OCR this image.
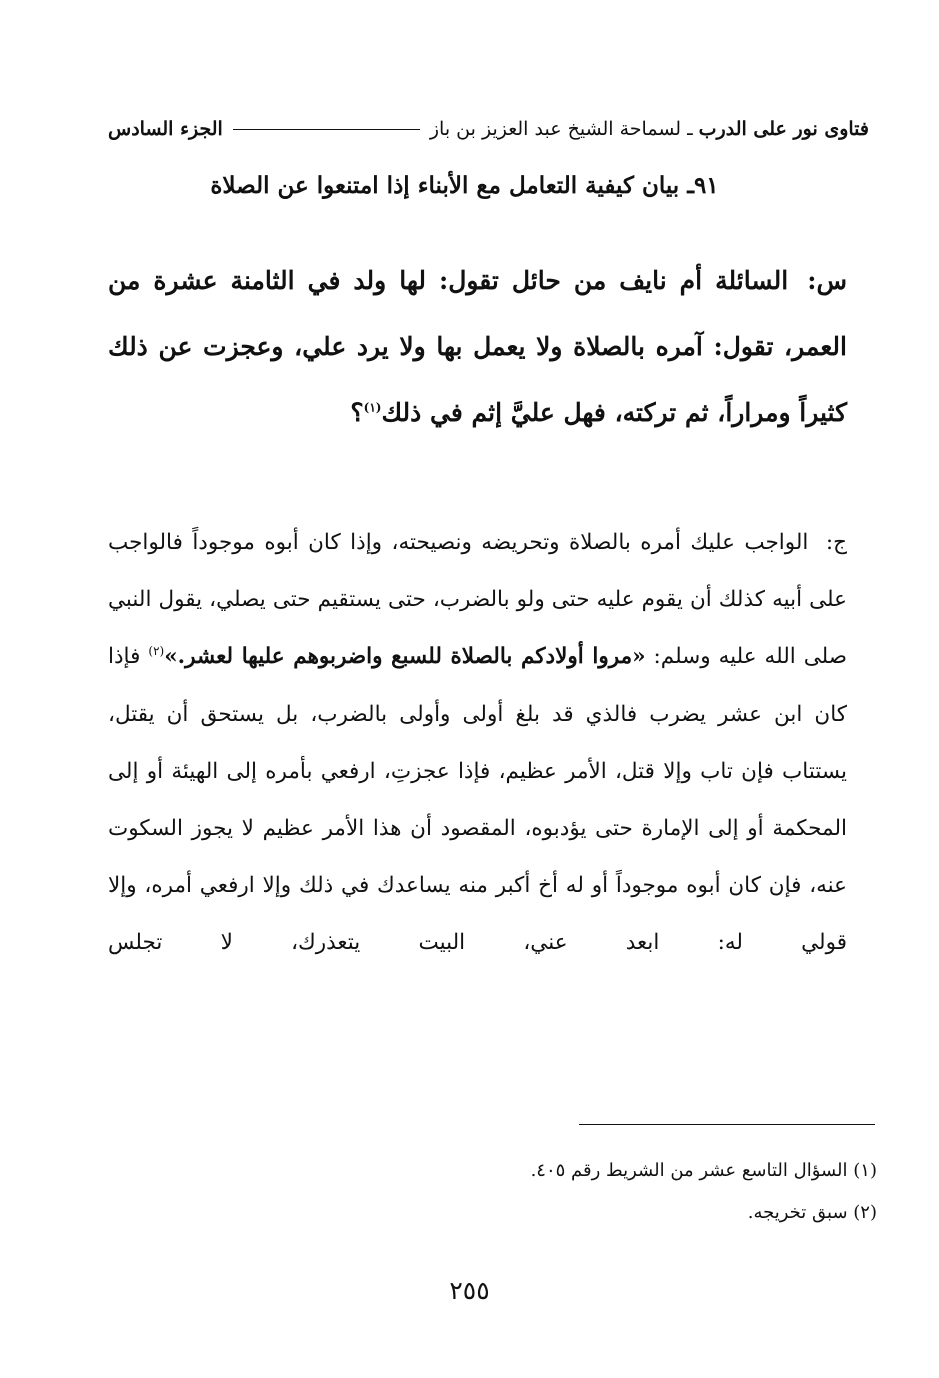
فتاوى نور على الدرب
ـ
لسماحة الشيخ عبد العزيز بن باز
الجزء السادس
٩١ـ بيان كيفية التعامل مع الأبناء إذا امتنعوا عن الصلاة
س: السائلة أم نايف من حائل تقول: لها ولد في الثامنة عشرة من العمر، تقول: آمره بالصلاة ولا يعمل بها ولا يرد علي، وعجزت عن ذلك كثيراً ومراراً، ثم تركته، فهل عليَّ إثم في ذلك$^{(١)}$؟
ج: الواجب عليك أمره بالصلاة وتحريضه ونصيحته، وإذا كان أبوه موجوداً فالواجب على أبيه كذلك أن يقوم عليه حتى ولو بالضرب، حتى يستقيم حتى يصلي، يقول النبي صلى الله عليه وسلم: «مروا أولادكم بالصلاة للسبع واضربوهم عليها لعشر.»$^{(٢)}$ فإذا كان ابن عشر يضرب فالذي قد بلغ أولى وأولى بالضرب، بل يستحق أن يقتل، يستتاب فإن تاب وإلا قتل، الأمر عظيم، فإذا عجزتِ، ارفعي بأمره إلى الهيئة أو إلى المحكمة أو إلى الإمارة حتى يؤدبوه، المقصود أن هذا الأمر عظيم لا يجوز السكوت عنه، فإن كان أبوه موجوداً أو له أخ أكبر منه يساعدك في ذلك وإلا ارفعي أمره، وإلا قولي له: ابعد عني، البيت يتعذرك، لا تجلس
(١) السؤال التاسع عشر من الشريط رقم ٤٠٥.
(٢) سبق تخريجه.
٢٥٥
